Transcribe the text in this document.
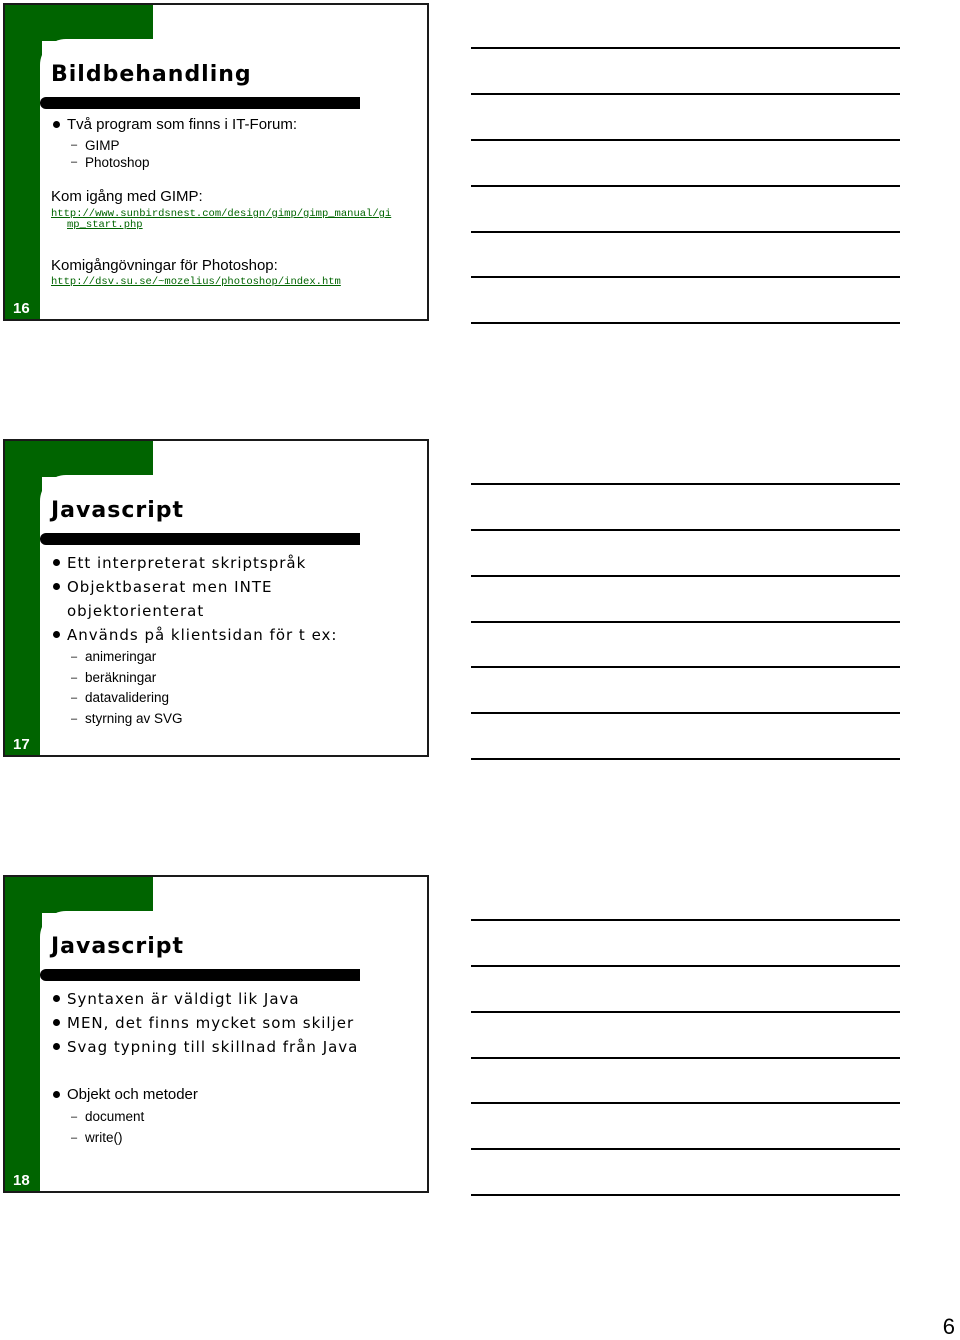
Bildbehandling
Två program som finns i IT-Forum:
– GIMP
– Photoshop
Kom igång med GIMP:
http://www.sunbirdsnest.com/design/gimp/gimp_manual/gi
mp_start.php
Komigångövningar för Photoshop:
http://dsv.su.se/~mozelius/photoshop/index.htm
16
Javascript
Ett interpreterat skriptspråk
Objektbaserat men INTE objektorienterat
Används på klientsidan för t ex:
– animeringar
– beräkningar
– datavalidering
– styrning av SVG
17
Javascript
Syntaxen är väldigt lik Java
MEN, det finns mycket som skiljer
Svag typning till skillnad från Java
Objekt och metoder
– document
– write()
18
6
